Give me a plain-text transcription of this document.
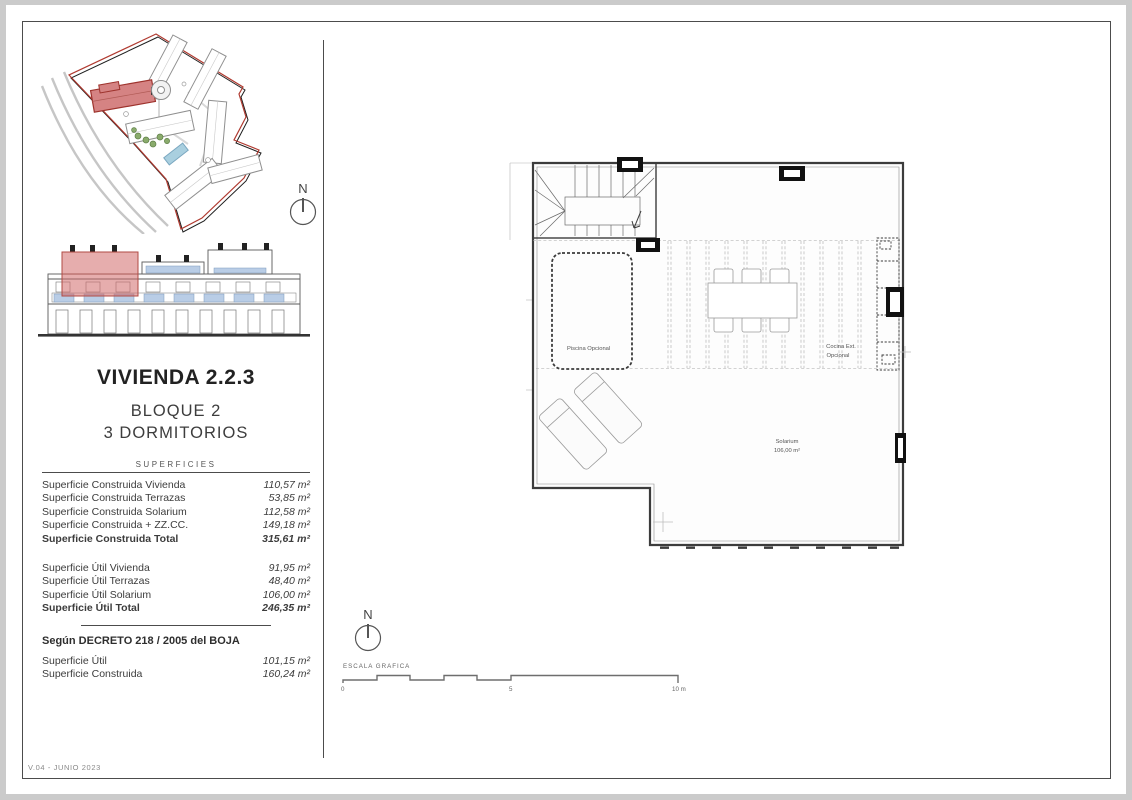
N
VIVIENDA 2.2.3
BLOQUE 2
3 DORMITORIOS
SUPERFICIES
Superficie Construida Vivienda	110,57 m²
Superficie Construida Terrazas	53,85 m²
Superficie Construida Solarium	112,58 m²
Superficie Construida + ZZ.CC.	149,18 m²
Superficie Construida Total	315,61 m²
Superficie Útil Vivienda	91,95 m²
Superficie Útil Terrazas	48,40 m²
Superficie Útil Solarium	106,00 m²
Superficie Útil Total	246,35 m²
Según DECRETO 218 / 2005 del BOJA
Superficie Útil	101,15 m²
Superficie Construida	160,24 m²
Piscina Opcional	Cocina Ext.
Opcional
Solarium
106,00 m²
N
ESCALA GRAFICA
0	5	10 m
V.04 - JUNIO 2023
